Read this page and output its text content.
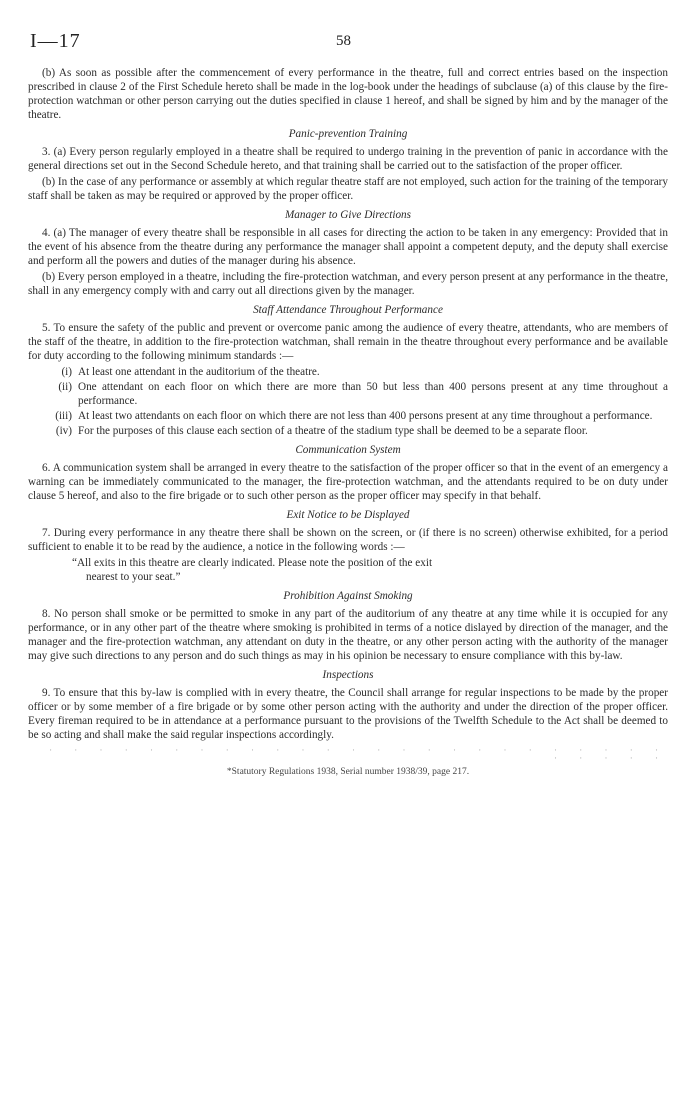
I—17	58

(b) As soon as possible after the commencement of every performance in the theatre, full and correct entries based on the inspection prescribed in clause 2 of the First Schedule hereto shall be made in the log-book under the headings of subclause (a) of this clause by the fire-protection watchman or other person carrying out the duties specified in clause 1 hereof, and shall be signed by him and by the manager of the theatre.

Panic-prevention Training

3. (a) Every person regularly employed in a theatre shall be required to undergo training in the prevention of panic in accordance with the general directions set out in the Second Schedule hereto, and that training shall be carried out to the satisfaction of the proper officer.

(b) In the case of any performance or assembly at which regular theatre staff are not employed, such action for the training of the temporary staff shall be taken as may be required or approved by the proper officer.

Manager to Give Directions

4. (a) The manager of every theatre shall be responsible in all cases for directing the action to be taken in any emergency: Provided that in the event of his absence from the theatre during any performance the manager shall appoint a competent deputy, and the deputy shall exercise and perform all the powers and duties of the manager during his absence.

(b) Every person employed in a theatre, including the fire-protection watchman, and every person present at any performance in the theatre, shall in any emergency comply with and carry out all directions given by the manager.

Staff Attendance Throughout Performance

5. To ensure the safety of the public and prevent or overcome panic among the audience of every theatre, attendants, who are members of the staff of the theatre, in addition to the fire-protection watchman, shall remain in the theatre throughout every performance and be available for duty according to the following minimum standards :—

(i) At least one attendant in the auditorium of the theatre.
(ii) One attendant on each floor on which there are more than 50 but less than 400 persons present at any time throughout a performance.
(iii) At least two attendants on each floor on which there are not less than 400 persons present at any time throughout a performance.
(iv) For the purposes of this clause each section of a theatre of the stadium type shall be deemed to be a separate floor.
Communication System

6. A communication system shall be arranged in every theatre to the satisfaction of the proper officer so that in the event of an emergency a warning can be immediately communicated to the manager, the fire-protection watchman, and the attendants required to be on duty under clause 5 hereof, and also to the fire brigade or to such other person as the proper officer may specify in that behalf.

Exit Notice to be Displayed

7. During every performance in any theatre there shall be shown on the screen, or (if there is no screen) otherwise exhibited, for a period sufficient to enable it to be read by the audience, a notice in the following words :—

“All exits in this theatre are clearly indicated. Please note the position of the exit
nearest to your seat.”
Prohibition Against Smoking

8. No person shall smoke or be permitted to smoke in any part of the auditorium of any theatre at any time while it is occupied for any performance, or in any other part of the theatre where smoking is prohibited in terms of a notice dislayed by direction of the manager, and the manager and the fire-protection watchman, any attendant on duty in the theatre, or any other person acting with the authority of the manager may give such directions to any person and do such things as may in his opinion be necessary to ensure compliance with this by-law.

Inspections

9. To ensure that this by-law is complied with in every theatre, the Council shall arrange for regular inspections to be made by the proper officer or by some member of a fire brigade or by some other person acting with the authority and under the direction of the proper officer. Every fireman required to be in attendance at a performance pursuant to the provisions of the Twelfth Schedule to the Act shall be deemed to be so acting and shall make the said regular inspections accordingly.

· · · · · · · · · · · · · · · · · · · · · · · · · · · · · ·
*Statutory Regulations 1938, Serial number 1938/39, page 217.
